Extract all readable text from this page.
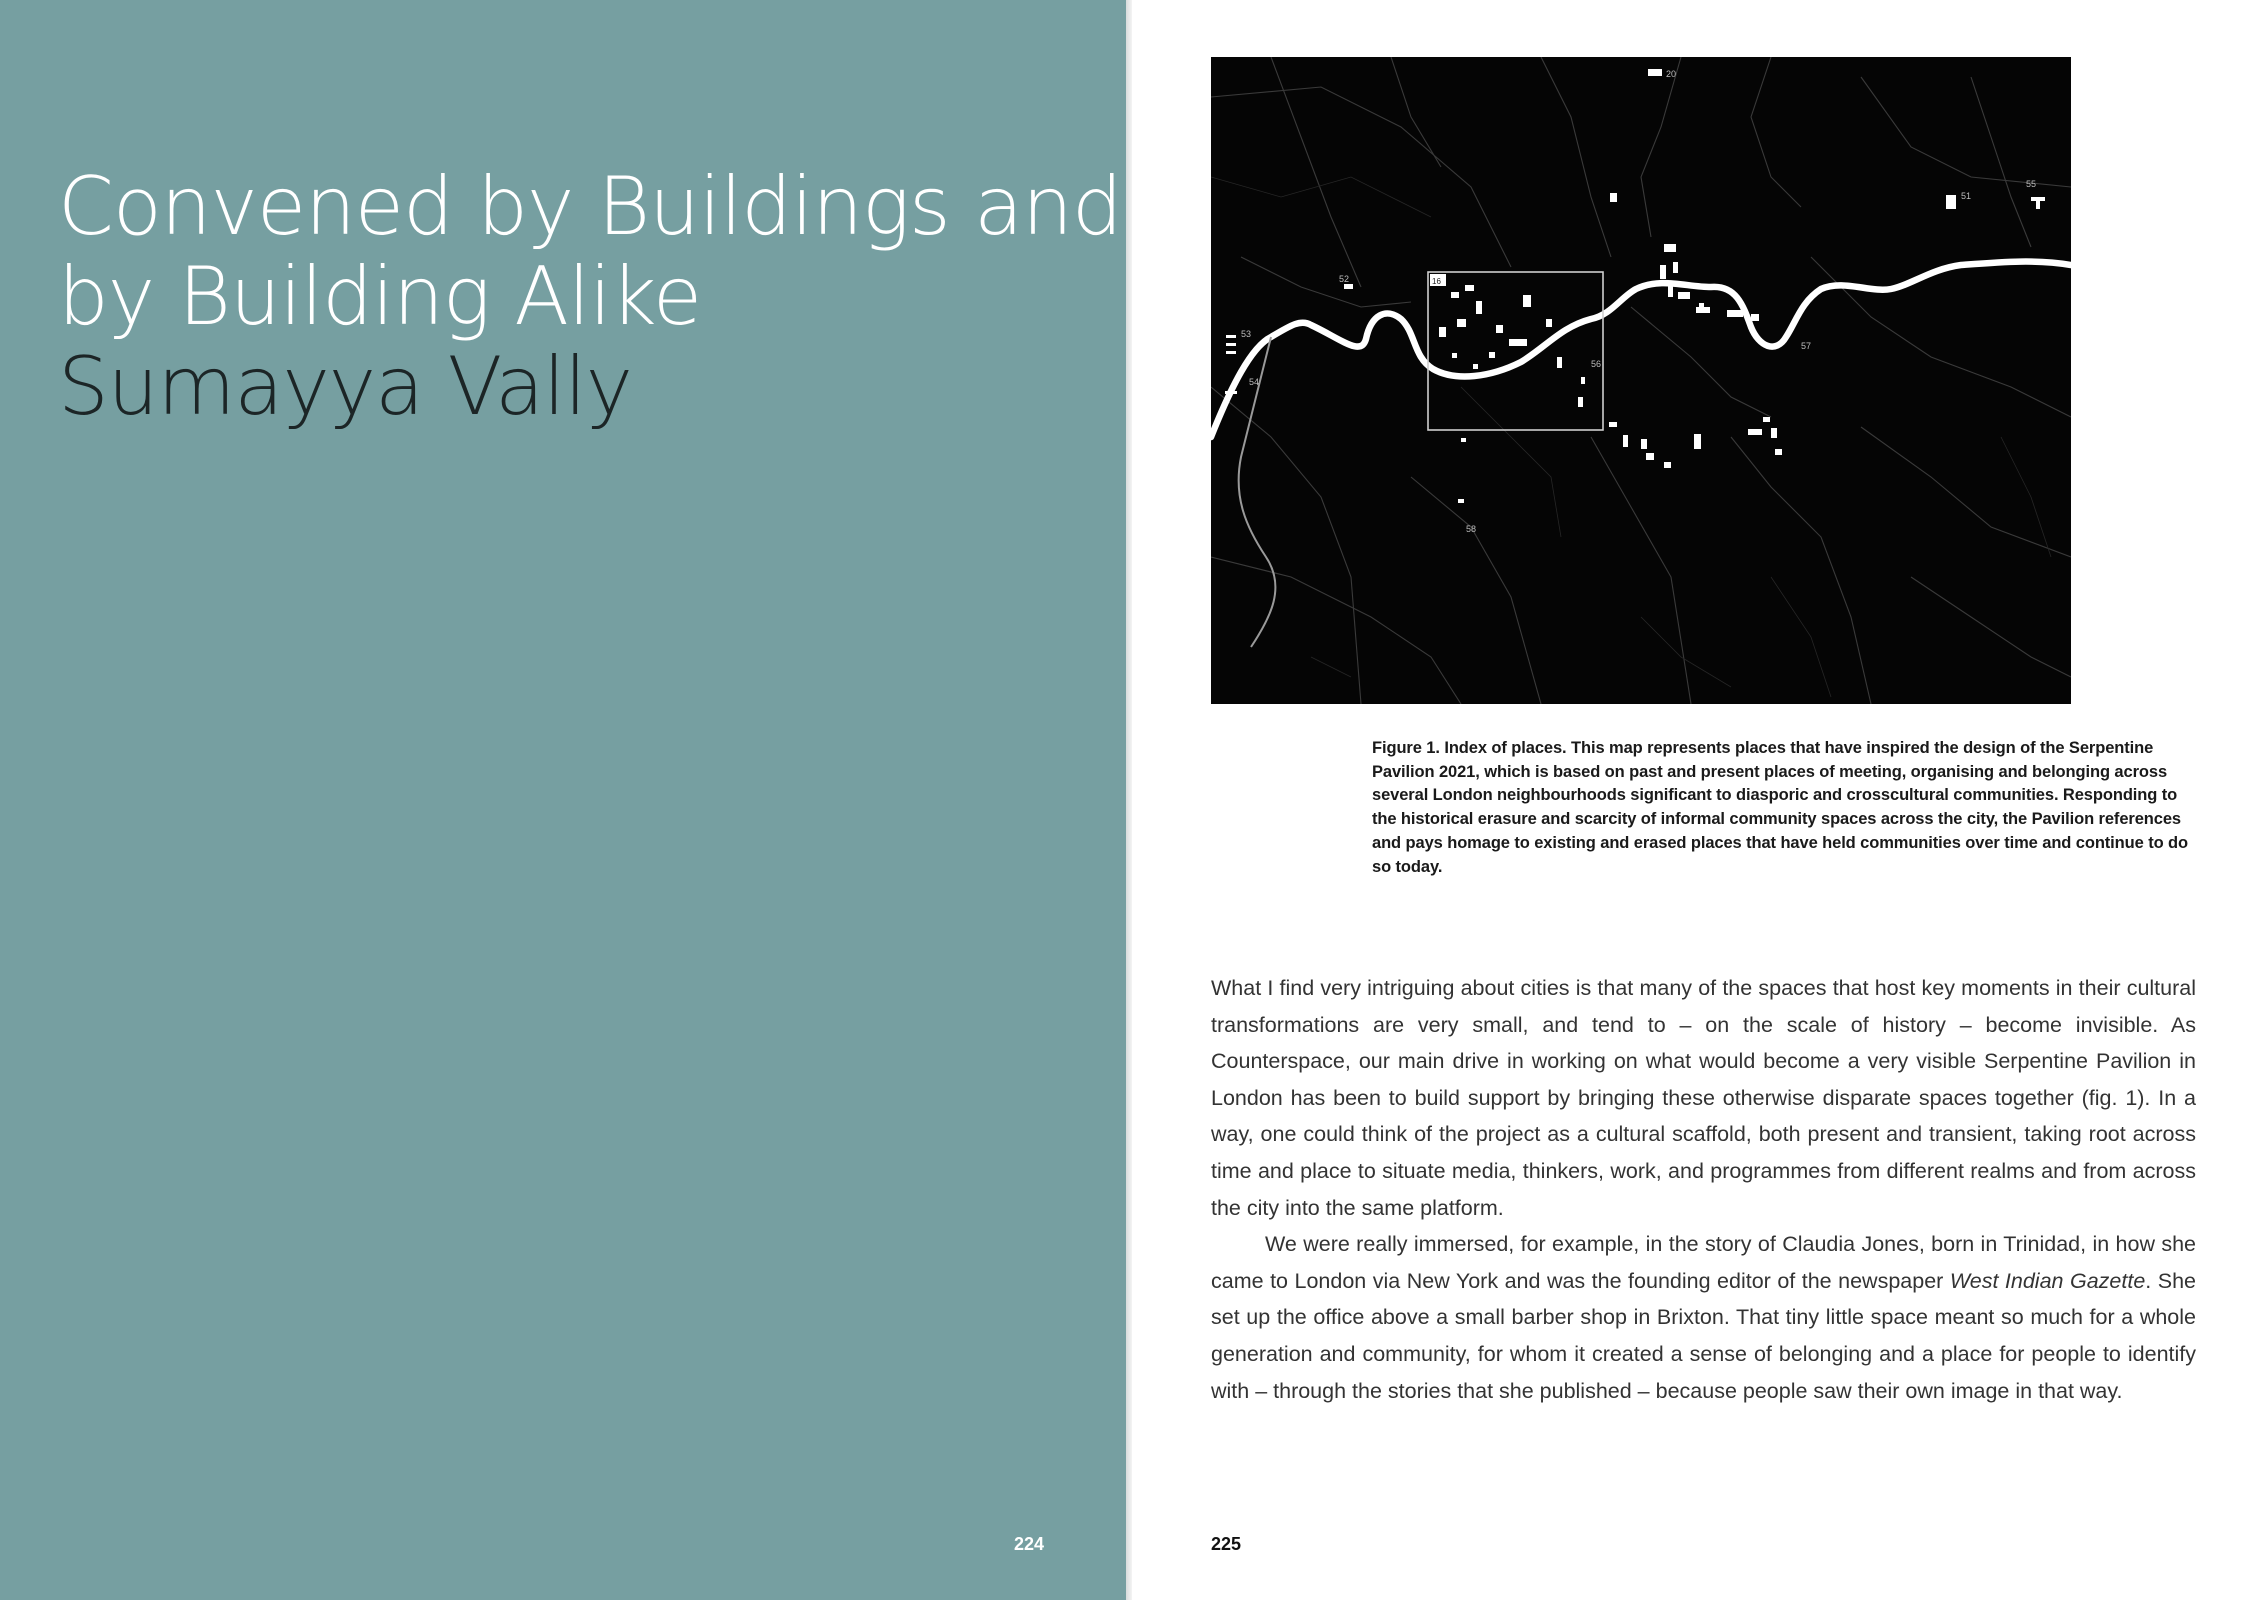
Convened by Buildings and
by Building Alike
Sumayya Vally
224
20
52
53
54
58
51
55
56
57
16
Figure 1. Index of places. This map represents places that have inspired the design of the Serpentine Pavilion 2021, which is based on past and present places of meeting, organising and belonging across several London neighbourhoods significant to diasporic and crosscultural communities. Responding to the historical erasure and scarcity of informal community spaces across the city, the Pavilion references and pays homage to existing and erased places that have held communities over time and continue to do so today.

What I find very intriguing about cities is that many of the spaces that host key moments in their cultural transformations are very small, and tend to – on the scale of history – become invisible. As Counterspace, our main drive in working on what would become a very visible Serpentine Pavilion in London has been to build support by bringing these otherwise disparate spaces together (fig. 1). In a way, one could think of the project as a cultural scaffold, both present and transient, taking root across time and place to situate media, thinkers, work, and programmes from different realms and from across the city into the same platform.

We were really immersed, for example, in the story of Claudia Jones, born in Trinidad, in how she came to London via New York and was the founding editor of the newspaper West Indian Gazette. She set up the office above a small barber shop in Brixton. That tiny little space meant so much for a whole generation and community, for whom it created a sense of belonging and a place for people to identify with – through the stories that she published – because people saw their own image in that way.

225
